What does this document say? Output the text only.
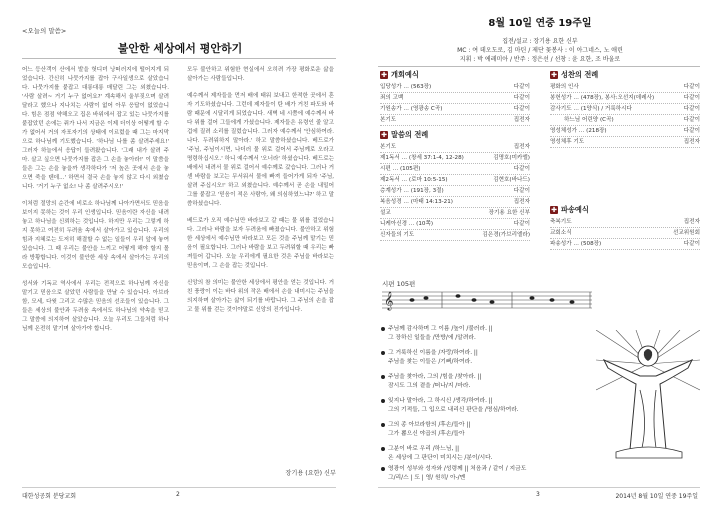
<오늘의 말씀>
불안한 세상에서 평안하기

어느 등산객이 산에서 발을 헛디뎌 낭떠러지에 떨어지게 되었습니다. 간신히 나뭇가지를 잡아 구사일생으로 살았습니다. 나뭇가지를 붙잡고 대롱대롱 매달린 그는 외쳤습니다. '사람 살려~ 거기 누구 없어요?' 계속해서 울부짖으며 살려달라고 했으나 지나치는 사람이 없어 아무 응답이 없었습니다. 힘은 점점 약해오고 집은 바위에서 잡고 있는 나뭇가지를 붙잡았던 손에는 쥐가 나서 지금은 이제 더이상 어떻게 할 수가 없어서 거의 자포자기의 상태에 이르렀을 때 그는 마지막으로 하나님께 기도했습니다. '하나님 나를 좀 살려주세요!' 그러자 하늘에서 응답이 들려왔습니다. '그래 내가 살려 주마. 살고 싶으면 나뭇가지를 잡은 그 손을 놓아라!' 이 말씀을 들은 그는 손을 놓을까 생각하다가 '저 높은 곳에서 손을 놓으면 죽을 텐데...' 하면서 결국 손을 놓지 않고 다시 외쳤습니다. '거기 누구 없소! 나 좀 살려주시오!'

이처럼 절망의 순간에 비로소 하나님께 나아가면서도 믿음을 보이지 못하는 것이 우리 인생입니다. 믿음이란 자신을 내려놓고 하나님을 신뢰하는 것입니다. 하지만 우리는 그렇게 하지 못하고 여전히 두려움 속에서 살아가고 있습니다. 우리의 힘과 지혜로는 도저히 해결할 수 없는 일들이 우리 앞에 놓여 있습니다. 그 때 우리는 불안을 느끼고 어떻게 해야 할지 몰라 방황합니다. 이것이 불안한 세상 속에서 살아가는 우리의 모습입니다.

성서와 기독교 역사에서 우리는 전적으로 하나님께 자신을 맡기고 믿음으로 살았던 사람들을 만날 수 있습니다. 아브라함, 모세, 다윗 그리고 수많은 믿음의 선조들이 있습니다. 그들은 세상의 불안과 두려움 속에서도 하나님의 약속을 믿고 그 말씀에 의지하여 살았습니다. 오늘 우리도 그들처럼 하나님께 온전히 맡기며 살아가야 합니다.

모두 불안하고 위험한 현실에서 오히려 가장 평화로운 삶을 살아가는 사람들입니다.

예수께서 제자들을 먼저 배에 태워 보내고 한적한 곳에서 혼자 기도하셨습니다. 그런데 제자들이 탄 배가 거친 파도와 바람 때문에 시달리게 되었습니다. 새벽 네 시쯤에 예수께서 바다 위를 걸어 그들에게 가셨습니다. 제자들은 유령인 줄 알고 겁에 질려 소리를 질렀습니다. 그러자 예수께서 '안심하여라. 나다. 두려워하지 말아라.' 하고 말씀하셨습니다. 베드로가 '주님, 주님이시면, 나더러 물 위로 걸어서 주님께로 오라고 명령하십시오.' 하니 예수께서 '오너라' 하셨습니다. 베드로는 배에서 내려서 물 위로 걸어서 예수께로 갔습니다. 그러나 거센 바람을 보고는 무서워서 물에 빠져 들어가게 되자 '주님, 살려 주십시오!' 하고 외쳤습니다. 예수께서 곧 손을 내밀어 그를 붙잡고 '믿음이 적은 사람아, 왜 의심하였느냐?' 하고 말씀하셨습니다.

베드로가 오직 예수님만 바라보고 갈 때는 물 위를 걸었습니다. 그러나 바람을 보자 두려움에 빠졌습니다. 불안하고 위험한 세상에서 예수님만 바라보고 모든 것을 주님께 맡기는 믿음이 필요합니다. 그러나 바람을 보고 두려워할 때 우리는 빠져들어 갑니다. 오늘 우리에게 필요한 것은 주님을 바라보는 믿음이며, 그 손을 잡는 것입니다.

신앙의 참 의미는 불안한 세상에서 평안을 얻는 것입니다. 거친 풍랑이 이는 바다 위의 작은 배에서 손을 내미시는 주님을 의지하며 살아가는 삶이 되기를 바랍니다. 그 주님의 손을 잡고 물 위를 걷는 것이야말로 신앙의 진가입니다.

장기용 (요한) 신부
대한성공회 분당교회	2
8월 10일 연중 19주일
집전/설교 : 장기용 요한 신부
MC : 여 데오도로, 김 마틴 / 제단 꽃봉사 : 이 아그네스, 노 애린
지휘 : 박 에레미아 / 반주 : 정은선 / 선창 : 윤 요한, 조 바울로
✚ 개회예식
입당성가 … (563장)	다같이
죄의 고백	다같이
기원송가 … (영광송 C곡)	다같이
본기도	집전자
✚ 말씀의 전례
본기도	집전자
제1독서 … (창세 37:1-4, 12-28)	김명호(미카엘)
시편 … (105편)	다같이
제2독서 … (로마 10:5-15)	김현호(바나드)
층계성가 … (191장, 3절)	다같이
복음성경 … (마태 14:13-21)	집전자
설교	장기용 요한 신부
니케아신경 … (10쪽)	다같이
신자들의 기도	김은경(가브리엘라)
✚ 성찬의 전례
평화의 인사	다같이
봉헌성가 … (478장), 봉사:오선지(데레사)	다같이
감사기도 … (1양식) / 거룩하시다	다같이
하느님 어린양 (C곡)	다같이
영성체성가 … (218장)	다같이
영성체후 기도	집전자
✚ 파송예식
축복기도	집전자
교회소식	선교위원회
파송성가 … (508장)	다같이
시편 105편
𝄞
주님께 감사하며 그 이름 /높이 /불러라. ||
그 장하신 일들을 /만방/에 /알려라.
그 거룩하신 이름을 /자랑/하여라. ||
주님을 찾는 이들은 /기뻐/하여라.
주님을 찾아라, 그의 /힘을 /찾아라. ||
잠시도 그의 곁을 /떠나/지 /마라.
잊지나 말아라, 그 하시신 /생각/하여라. ||
그의 기적들, 그 입으로 내리신 판단을 /명심/하여라.
그의 종 아브라함의 /후손/들아 ||
그가 뽑으신 야곱의 /후손/들아
그분이 바로 우리 /하느님, ||
온 세상에 그 판단이 미치시는 /분이/시다.
영광이 성부와 성자와 /성령께 || 처음과 / 같이 / 지금도
그/리/스 | 도 | 영/ 원히/ 아-/멘
3	2014년 8월 10일 연중 19주일
